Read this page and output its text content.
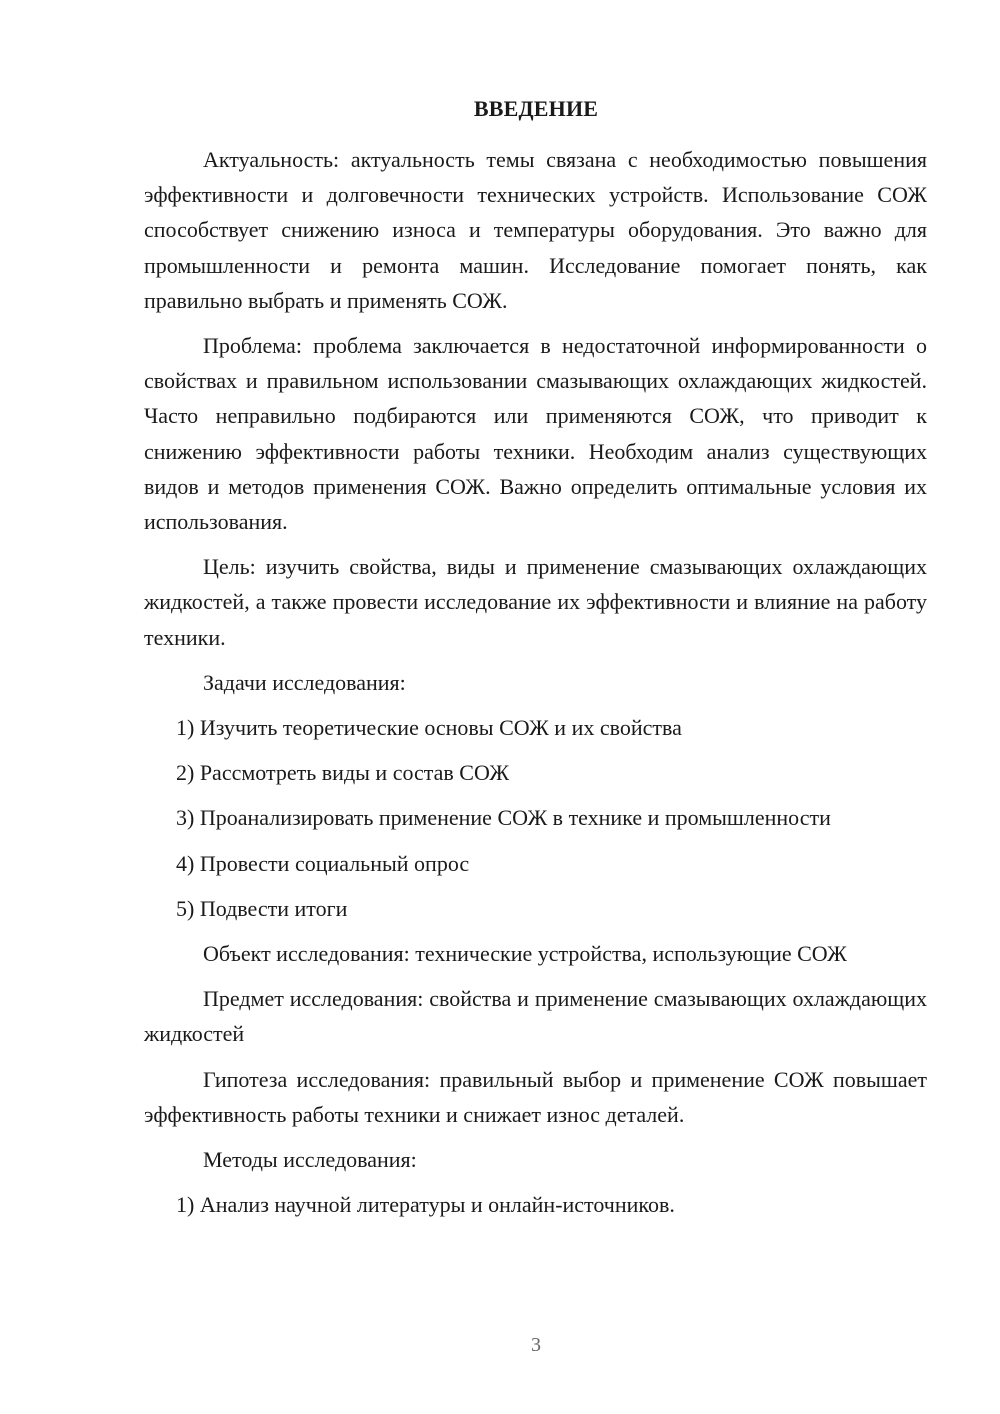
ВВЕДЕНИЕ

Актуальность: актуальность темы связана с необходимостью повышения эффективности и долговечности технических устройств. Использование СОЖ способствует снижению износа и температуры оборудования. Это важно для промышленности и ремонта машин. Исследование помогает понять, как правильно выбрать и применять СОЖ.

Проблема: проблема заключается в недостаточной информированности о свойствах и правильном использовании смазывающих охлаждающих жидкостей. Часто неправильно подбираются или применяются СОЖ, что приводит к снижению эффективности работы техники. Необходим анализ существующих видов и методов применения СОЖ. Важно определить оптимальные условия их использования.

Цель: изучить свойства, виды и применение смазывающих охлаждающих жидкостей, а также провести исследование их эффективности и влияние на работу техники.

Задачи исследования:

1) Изучить теоретические основы СОЖ и их свойства

2) Рассмотреть виды и состав СОЖ

3) Проанализировать применение СОЖ в технике и промышленности

4) Провести социальный опрос

5) Подвести итоги

Объект исследования: технические устройства, использующие СОЖ

Предмет исследования: свойства и применение смазывающих охлаждающих жидкостей

Гипотеза исследования: правильный выбор и применение СОЖ повышает эффективность работы техники и снижает износ деталей.

Методы исследования:

1) Анализ научной литературы и онлайн-источников.

3
